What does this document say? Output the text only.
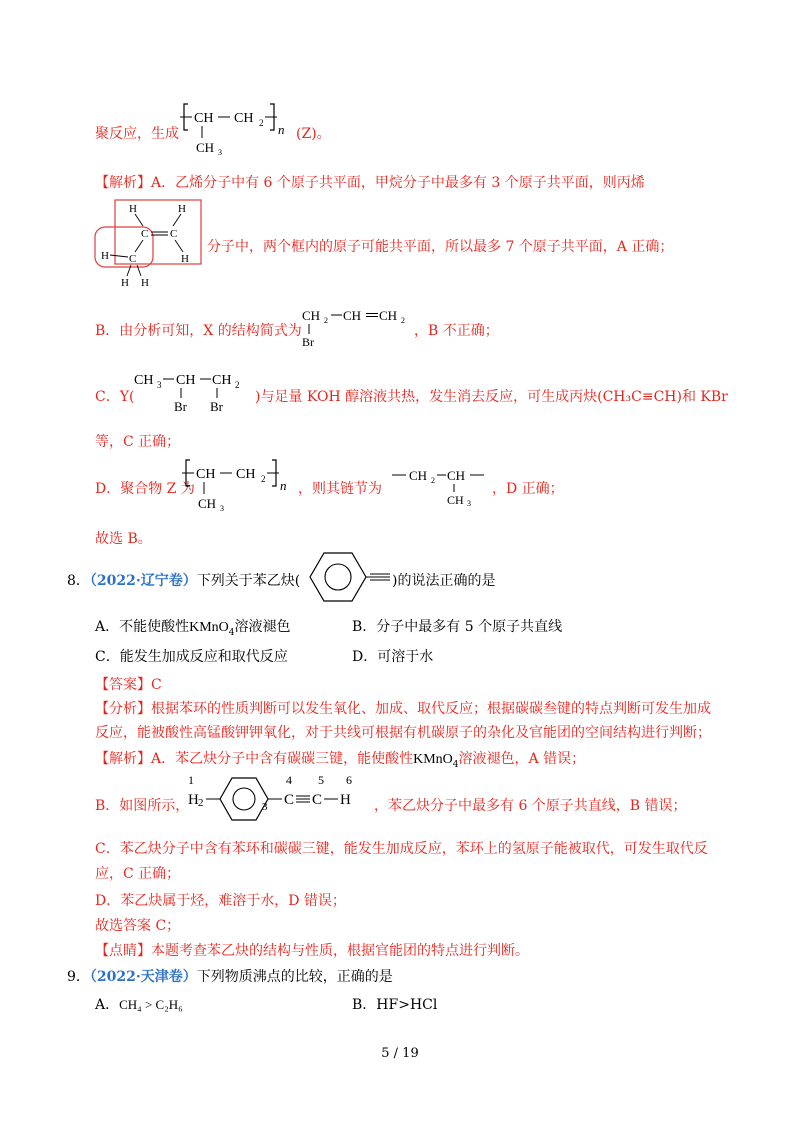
聚反应，生成
CH CH 2 n
CH 3
(Z)。
【解析】A．乙烯分子中有 6 个原子共平面，甲烷分子中最多有 3 个原子共平面，则丙烯
H	H
C C
H
C
H
H H
分子中，两个框内的原子可能共平面，所以最多 7 个原子共平面，A 正确；
B．由分析可知，X 的结构简式为
CH 2 CH CH 2
Br
，B 不正确；
C．Y(
CH 3 CH CH 2
Br Br
)与足量 KOH 醇溶液共热，发生消去反应，可生成丙炔(CH₃C≡CH)和 KBr
等，C 正确；
D．聚合物 Z 为
CH CH 2 n
CH 3
，则其链节为
CH 2 CH
CH 3
，D 正确；
故选 B。
8．（2022·辽宁卷）下列关于苯乙炔(	)的说法正确的是
A．不能使酸性KMnO$_4$溶液褪色	B．分子中最多有 5 个原子共直线
C．能发生加成反应和取代反应	D．可溶于水
【答案】C
【分析】根据苯环的性质判断可以发生氧化、加成、取代反应；根据碳碳叁键的特点判断可发生加成
反应，能被酸性高锰酸钾钾氧化，对于共线可根据有机碳原子的杂化及官能团的空间结构进行判断；
【解析】A．苯乙炔分子中含有碳碳三键，能使酸性KMnO$_4$溶液褪色，A 错误；
B．如图所示，
1
H 2	3
4
C
5
C
6
H ，苯乙炔分子中最多有 6 个原子共直线，B 错误；
C．苯乙炔分子中含有苯环和碳碳三键，能发生加成反应，苯环上的氢原子能被取代，可发生取代反
应，C 正确；
D．苯乙炔属于烃，难溶于水，D 错误；
故选答案 C；
【点睛】本题考查苯乙炔的结构与性质，根据官能团的特点进行判断。
9．（2022·天津卷）下列物质沸点的比较，正确的是
A．CH₄ > C₂H₆	B．HF>HCl
5 / 19
